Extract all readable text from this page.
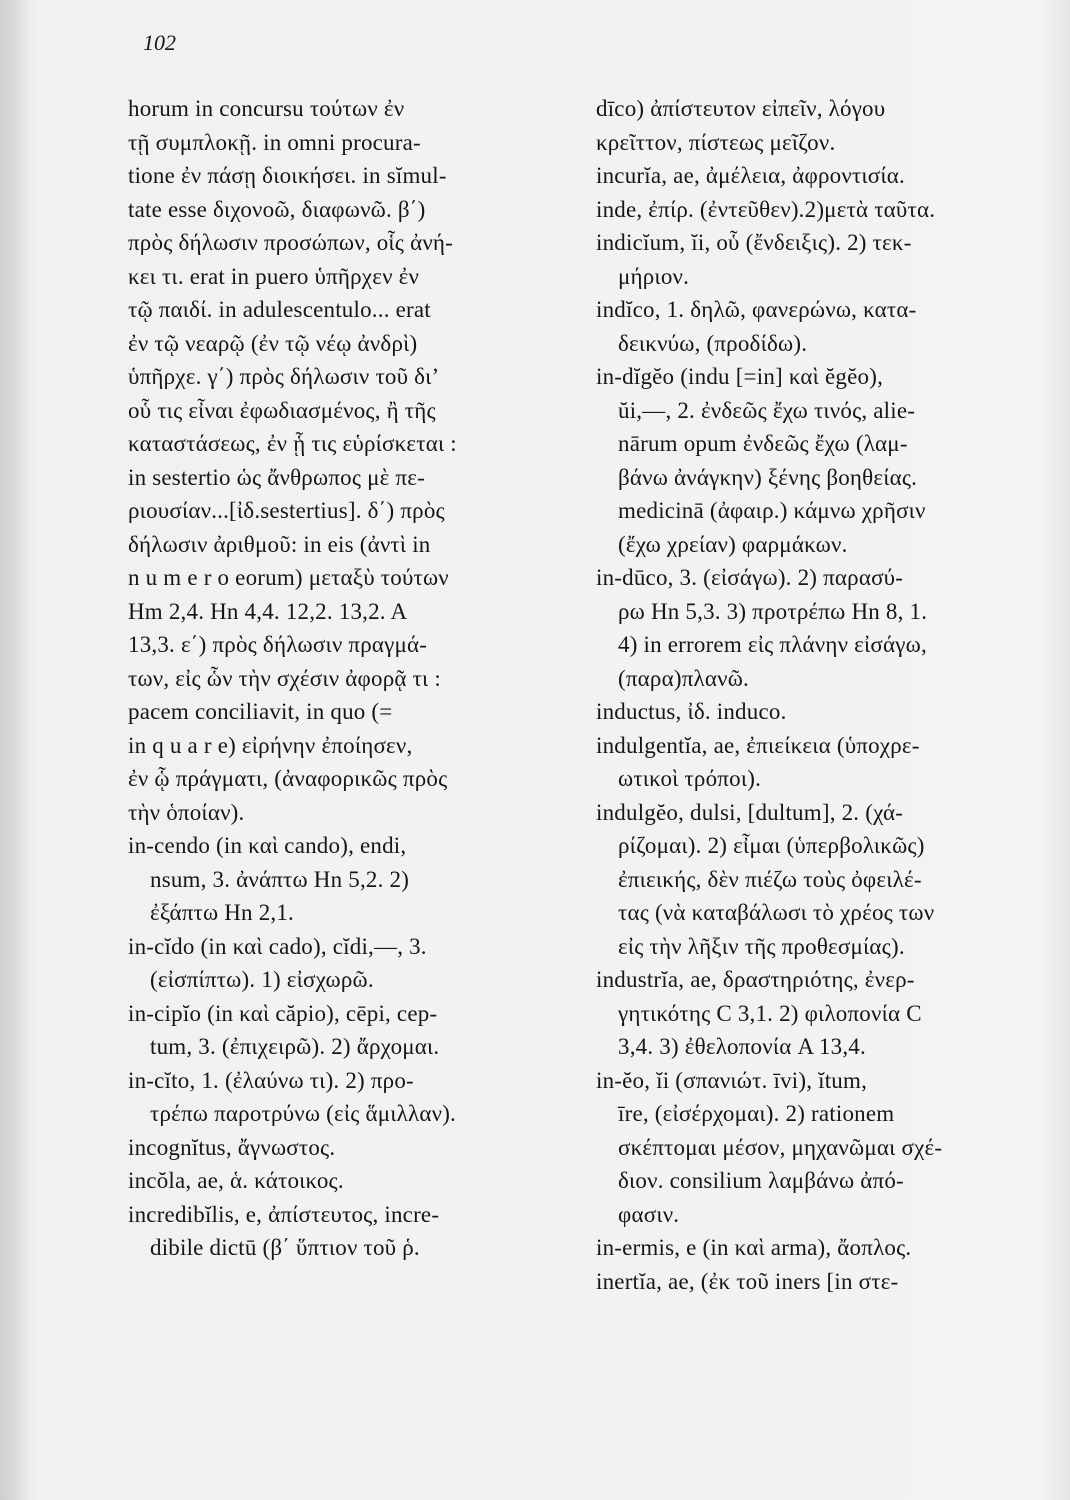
102
horum in concursu τούτων ἐν
τῇ συμπλοκῇ. in omni procura-
tione ἐν πάσῃ διοικήσει. in sĭmul-
tate esse διχονοῶ, διαφωνῶ. β΄)
πρὸς δήλωσιν προσώπων, οἷς ἀνή-
κει τι. erat in puero ὑπῆρχεν ἐν
τῷ παιδί. in adulescentulo... erat
ἐν τῷ νεαρῷ (ἐν τῷ νέῳ ἀνδρὶ)
ὑπῆρχε. γ΄) πρὸς δήλωσιν τοῦ δι’
οὗ τις εἶναι ἐφωδιασμένος, ἢ τῆς
καταστάσεως, ἐν ᾗ τις εὑρίσκεται :
in sestertio ὡς ἄνθρωπος μὲ πε-
ριουσίαν...[ἰδ.sestertius]. δ΄) πρὸς
δήλωσιν ἀριθμοῦ: in eis (ἀντὶ in
n u m e r o eorum) μεταξὺ τούτων
Hm 2,4. Hn 4,4. 12,2. 13,2. A
13,3. ε΄) πρὸς δήλωσιν πραγμά-
των, εἰς ὧν τὴν σχέσιν ἀφορᾷ τι :
pacem conciliavit, in quo (=
in q u a r e) εἰρήνην ἐποίησεν,
ἐν ᾧ πράγματι, (ἀναφορικῶς πρὸς
τὴν ὁποίαν).
in-cendo (in καὶ cando), endi,
nsum, 3. ἀνάπτω Hn 5,2. 2)
ἐξάπτω Hn 2,1.
in-cĭdo (in καὶ cado), cĭdi,—, 3.
(εἰσπίπτω). 1) εἰσχωρῶ.
in-cipĭo (in καὶ căpio), cēpi, cep-
tum, 3. (ἐπιχειρῶ). 2) ἄρχομαι.
in-cĭto, 1. (ἐλαύνω τι). 2) προ-
τρέπω παροτρύνω (εἰς ἅμιλλαν).
incognĭtus, ἄγνωστος.
incŏla, ae, ἁ. κάτοικος.
incredibĭlis, e, ἀπίστευτος, incre-
dibile dictū (β΄ ὕπτιον τοῦ ῥ.
dīco) ἀπίστευτον εἰπεῖν, λόγου
κρεῖττον, πίστεως μεῖζον.
incurĭa, ae, ἀμέλεια, ἀφροντισία.
inde, ἐπίρ. (ἐντεῦθεν).2)μετὰ ταῦτα.
indicĭum, ĭi, οὗ (ἔνδειξις). 2) τεκ-
μήριον.
indĭco, 1. δηλῶ, φανερώνω, κατα-
δεικνύω, (προδίδω).
in-dĭgĕo (indu [=in] καὶ ĕgĕo),
ŭi,—, 2. ἐνδεῶς ἔχω τινός, alie-
nārum opum ἐνδεῶς ἔχω (λαμ-
βάνω ἀνάγκην) ξένης βοηθείας.
medicinā (ἀφαιρ.) κάμνω χρῆσιν
(ἔχω χρείαν) φαρμάκων.
in-dūco, 3. (εἰσάγω). 2) παρασύ-
ρω Hn 5,3. 3) προτρέπω Hn 8, 1.
4) in errorem εἰς πλάνην εἰσάγω,
(παρα)πλανῶ.
inductus, ἰδ. induco.
indulgentĭa, ae, ἐπιείκεια (ὑποχρε-
ωτικοὶ τρόποι).
indulgĕo, dulsi, [dultum], 2. (χά-
ρίζομαι). 2) εἶμαι (ὑπερβολικῶς)
ἐπιεικής, δὲν πιέζω τοὺς ὀφειλέ-
τας (νὰ καταβάλωσι τὸ χρέος των
εἰς τὴν λῆξιν τῆς προθεσμίας).
industrĭa, ae, δραστηριότης, ἐνερ-
γητικότης C 3,1. 2) φιλοπονία C
3,4. 3) ἐθελοπονία A 13,4.
in-ĕo, ĭi (σπανιώτ. īvi), ĭtum,
īre, (εἰσέρχομαι). 2) rationem
σκέπτομαι μέσον, μηχανῶμαι σχέ-
διον. consilium λαμβάνω ἀπό-
φασιν.
in-ermis, e (in καὶ arma), ἄοπλος.
inertĭa, ae, (ἐκ τοῦ iners [in στε-
